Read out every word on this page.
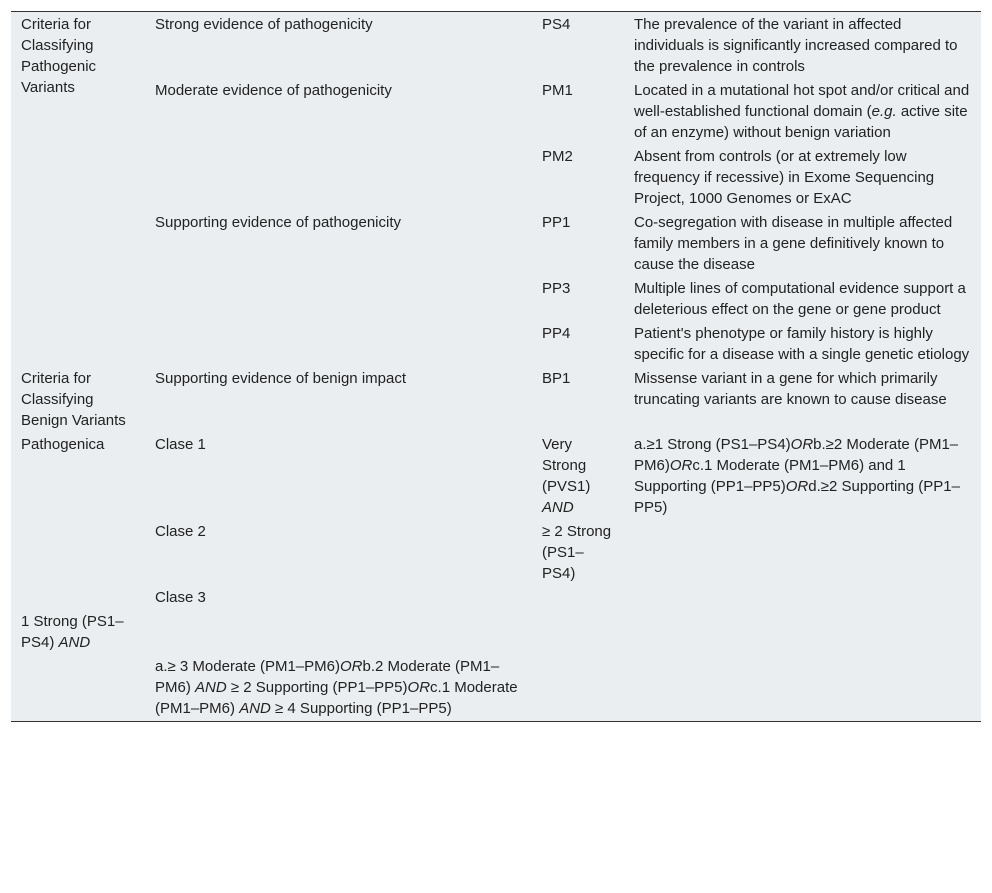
Criteria for Classifying Pathogenic Variants	Strong evidence of pathogenicity	PS4	The prevalence of the variant in affected individuals is significantly increased compared to the prevalence in controls
	Moderate evidence of pathogenicity	PM1	Located in a mutational hot spot and/or critical and well-established functional domain (e.g. active site of an enzyme) without benign variation
		PM2	Absent from controls (or at extremely low frequency if recessive) in Exome Sequencing Project, 1000 Genomes or ExAC
	Supporting evidence of pathogenicity	PP1	Co-segregation with disease in multiple affected family members in a gene definitively known to cause the disease
		PP3	Multiple lines of computational evidence support a deleterious effect on the gene or gene product
		PP4	Patient's phenotype or family history is highly specific for a disease with a single genetic etiology
Criteria for Classifying Benign Variants	Supporting evidence of benign impact	BP1	Missense variant in a gene for which primarily truncating variants are known to cause disease
Pathogenica	Clase 1	Very Strong (PVS1) AND	a.≥1 Strong (PS1–PS4)ORb.≥2 Moderate (PM1–PM6)ORc.1 Moderate (PM1–PM6) and 1 Supporting (PP1–PP5)ORd.≥2 Supporting (PP1–PP5)
	Clase 2	≥ 2 Strong (PS1–PS4)	
	Clase 3		
1 Strong (PS1–PS4) AND			
	a.≥ 3 Moderate (PM1–PM6)ORb.2 Moderate (PM1–PM6) AND ≥ 2 Supporting (PP1–PP5)ORc.1 Moderate (PM1–PM6) AND ≥ 4 Supporting (PP1–PP5)		
